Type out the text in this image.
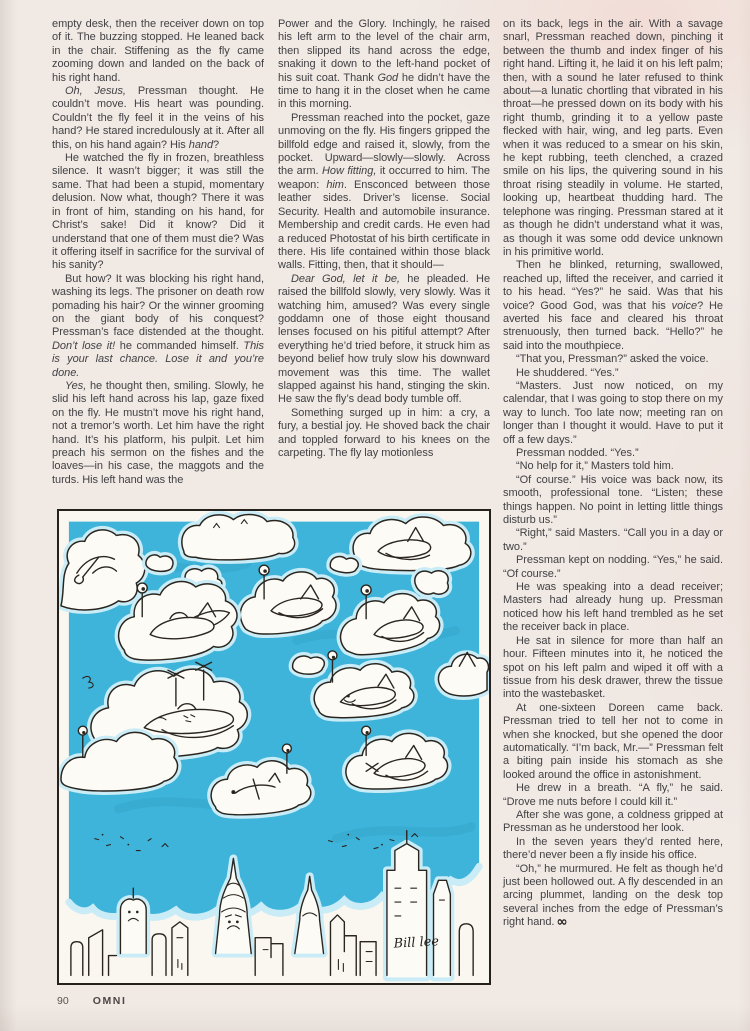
empty desk, then the receiver down on top of it. The buzzing stopped. He leaned back in the chair. Stiffening as the fly came zooming down and landed on the back of his right hand.

Oh, Jesus, Pressman thought. He couldn’t move. His heart was pounding. Couldn’t the fly feel it in the veins of his hand? He stared incredulously at it. After all this, on his hand again? His hand?

He watched the fly in frozen, breathless silence. It wasn’t bigger; it was still the same. That had been a stupid, momentary delusion. Now what, though? There it was in front of him, standing on his hand, for Christ’s sake! Did it know? Did it understand that one of them must die? Was it offering itself in sacrifice for the survival of his sanity?

But how? It was blocking his right hand, washing its legs. The prisoner on death row pomading his hair? Or the winner grooming on the giant body of his conquest? Pressman’s face distended at the thought. Don’t lose it! he commanded himself. This is your last chance. Lose it and you’re done.

Yes, he thought then, smiling. Slowly, he slid his left hand across his lap, gaze fixed on the fly. He mustn’t move his right hand, not a tremor’s worth. Let him have the right hand. It’s his platform, his pulpit. Let him preach his sermon on the fishes and the loaves—in his case, the maggots and the turds. His left hand was the

Power and the Glory. Inchingly, he raised his left arm to the level of the chair arm, then slipped its hand across the edge, snaking it down to the left-hand pocket of his suit coat. Thank God he didn’t have the time to hang it in the closet when he came in this morning.

Pressman reached into the pocket, gaze unmoving on the fly. His fingers gripped the billfold edge and raised it, slowly, from the pocket. Upward—slowly—slowly. Across the arm. How fitting, it occurred to him. The weapon: him. Ensconced between those leather sides. Driver’s license. Social Security. Health and automobile insurance. Membership and credit cards. He even had a reduced Photostat of his birth certificate in there. His life contained within those black walls. Fitting, then, that it should—

Dear God, let it be, he pleaded. He raised the billfold slowly, very slowly. Was it watching him, amused? Was every single goddamn one of those eight thousand lenses focused on his pitiful attempt? After everything he’d tried before, it struck him as beyond belief how truly slow his downward movement was this time. The wallet slapped against his hand, stinging the skin. He saw the fly’s dead body tumble off.

Something surged up in him: a cry, a fury, a bestial joy. He shoved back the chair and toppled forward to his knees on the carpeting. The fly lay motionless

on its back, legs in the air. With a savage snarl, Pressman reached down, pinching it between the thumb and index finger of his right hand. Lifting it, he laid it on his left palm; then, with a sound he later refused to think about—a lunatic chortling that vibrated in his throat—he pressed down on its body with his right thumb, grinding it to a yellow paste flecked with hair, wing, and leg parts. Even when it was reduced to a smear on his skin, he kept rubbing, teeth clenched, a crazed smile on his lips, the quivering sound in his throat rising steadily in volume. He started, looking up, heartbeat thudding hard. The telephone was ringing. Pressman stared at it as though he didn’t understand what it was, as though it was some odd device unknown in his primitive world.

Then he blinked, returning, swallowed, reached up, lifted the receiver, and carried it to his head. “Yes?” he said. Was that his voice? Good God, was that his voice? He averted his face and cleared his throat strenuously, then turned back. “Hello?” he said into the mouthpiece.

“That you, Pressman?” asked the voice.

He shuddered. “Yes.”

“Masters. Just now noticed, on my calendar, that I was going to stop there on my way to lunch. Too late now; meeting ran on longer than I thought it would. Have to put it off a few days.”

Pressman nodded. “Yes.”

“No help for it,” Masters told him.

“Of course.” His voice was back now, its smooth, professional tone. “Listen; these things happen. No point in letting little things disturb us.”

“Right,” said Masters. “Call you in a day or two.”

Pressman kept on nodding. “Yes,” he said. “Of course.”

He was speaking into a dead receiver; Masters had already hung up. Pressman noticed how his left hand trembled as he set the receiver back in place.

He sat in silence for more than half an hour. Fifteen minutes into it, he noticed the spot on his left palm and wiped it off with a tissue from his desk drawer, threw the tissue into the wastebasket.

At one-sixteen Doreen came back. Pressman tried to tell her not to come in when she knocked, but she opened the door automatically. “I’m back, Mr.—” Pressman felt a biting pain inside his stomach as she looked around the office in astonishment.

He drew in a breath. “A fly,” he said. “Drove me nuts before I could kill it.”

After she was gone, a coldness gripped at Pressman as he understood her look.

In the seven years they’d rented here, there’d never been a fly inside his office.

“Oh,” he murmured. He felt as though he’d just been hollowed out. A fly descended in an arcing plummet, landing on the desk top several inches from the edge of Pressman’s right hand. ∞

Bill lee
90 OMNI
